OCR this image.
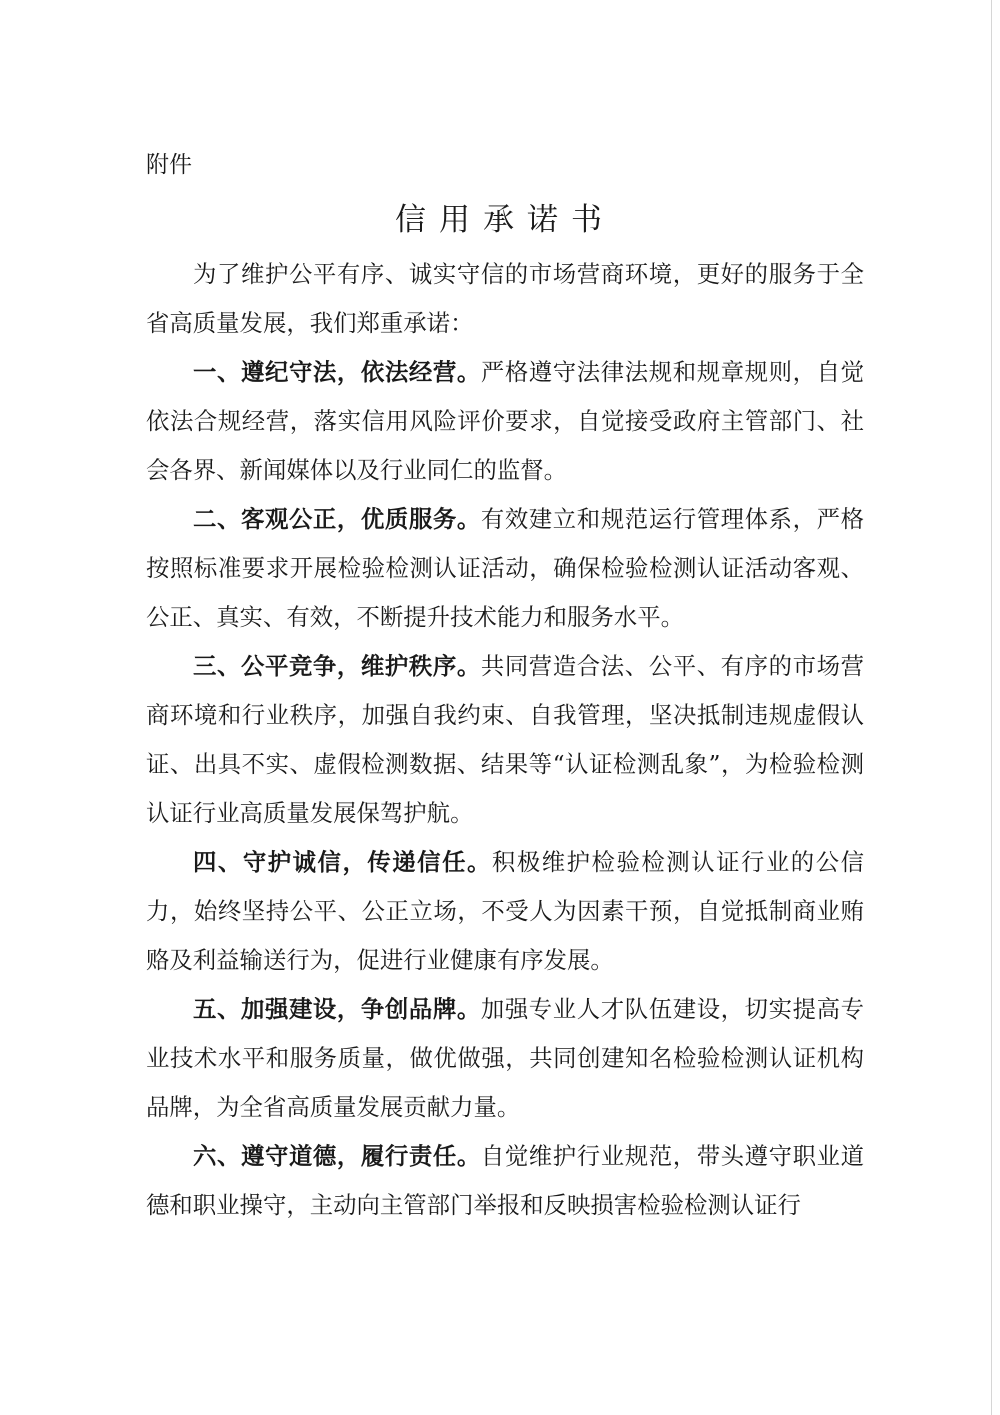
附件

信用承诺书

为了维护公平有序、诚实守信的市场营商环境，更好的服务于全省高质量发展，我们郑重承诺：

一、遵纪守法，依法经营。严格遵守法律法规和规章规则，自觉依法合规经营，落实信用风险评价要求，自觉接受政府主管部门、社会各界、新闻媒体以及行业同仁的监督。

二、客观公正，优质服务。有效建立和规范运行管理体系，严格按照标准要求开展检验检测认证活动，确保检验检测认证活动客观、公正、真实、有效，不断提升技术能力和服务水平。

三、公平竞争，维护秩序。共同营造合法、公平、有序的市场营商环境和行业秩序，加强自我约束、自我管理，坚决抵制违规虚假认证、出具不实、虚假检测数据、结果等“认证检测乱象”，为检验检测认证行业高质量发展保驾护航。

四、守护诚信，传递信任。积极维护检验检测认证行业的公信力，始终坚持公平、公正立场，不受人为因素干预，自觉抵制商业贿赂及利益输送行为，促进行业健康有序发展。

五、加强建设，争创品牌。加强专业人才队伍建设，切实提高专业技术水平和服务质量，做优做强，共同创建知名检验检测认证机构品牌，为全省高质量发展贡献力量。

六、遵守道德，履行责任。自觉维护行业规范，带头遵守职业道德和职业操守，主动向主管部门举报和反映损害检验检测认证行
